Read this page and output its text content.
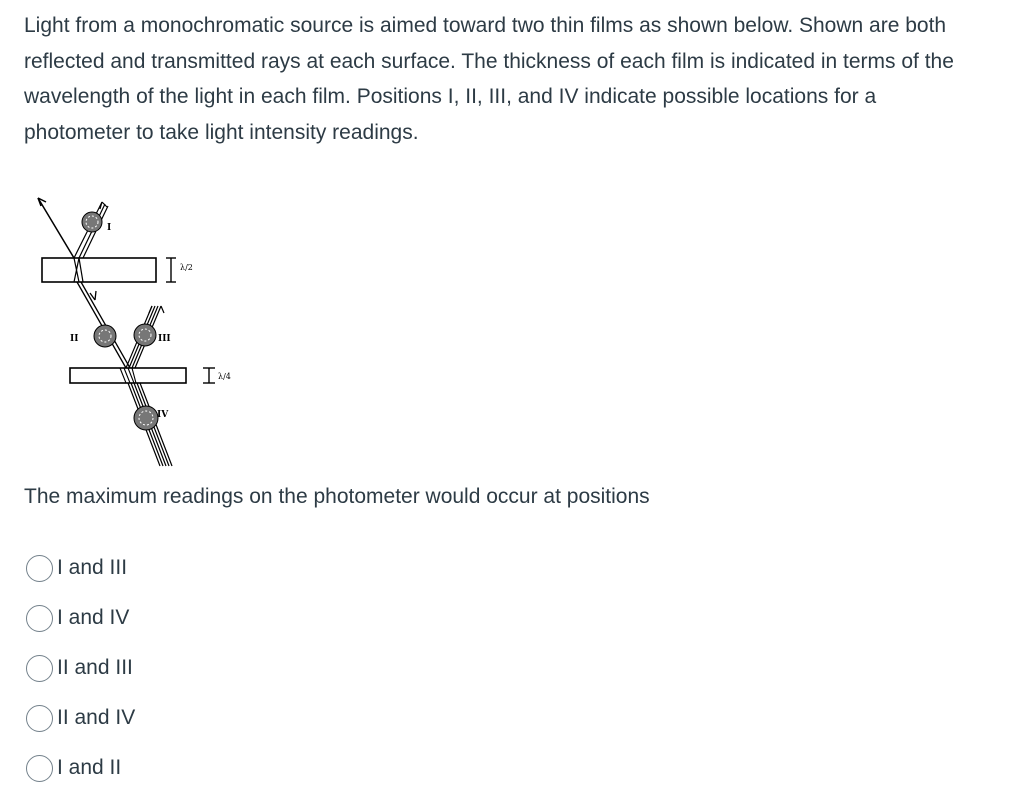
Light from a monochromatic source is aimed toward two thin films as shown below. Shown are both reflected and transmitted rays at each surface. The thickness of each film is indicated in terms of the wavelength of the light in each film. Positions I, II, III, and IV indicate possible locations for a photometer to take light intensity readings.

λ/2
λ/4
I
II	III
IV

The maximum readings on the photometer would occur at positions

I and III
I and IV
II and III
II and IV
I and II
